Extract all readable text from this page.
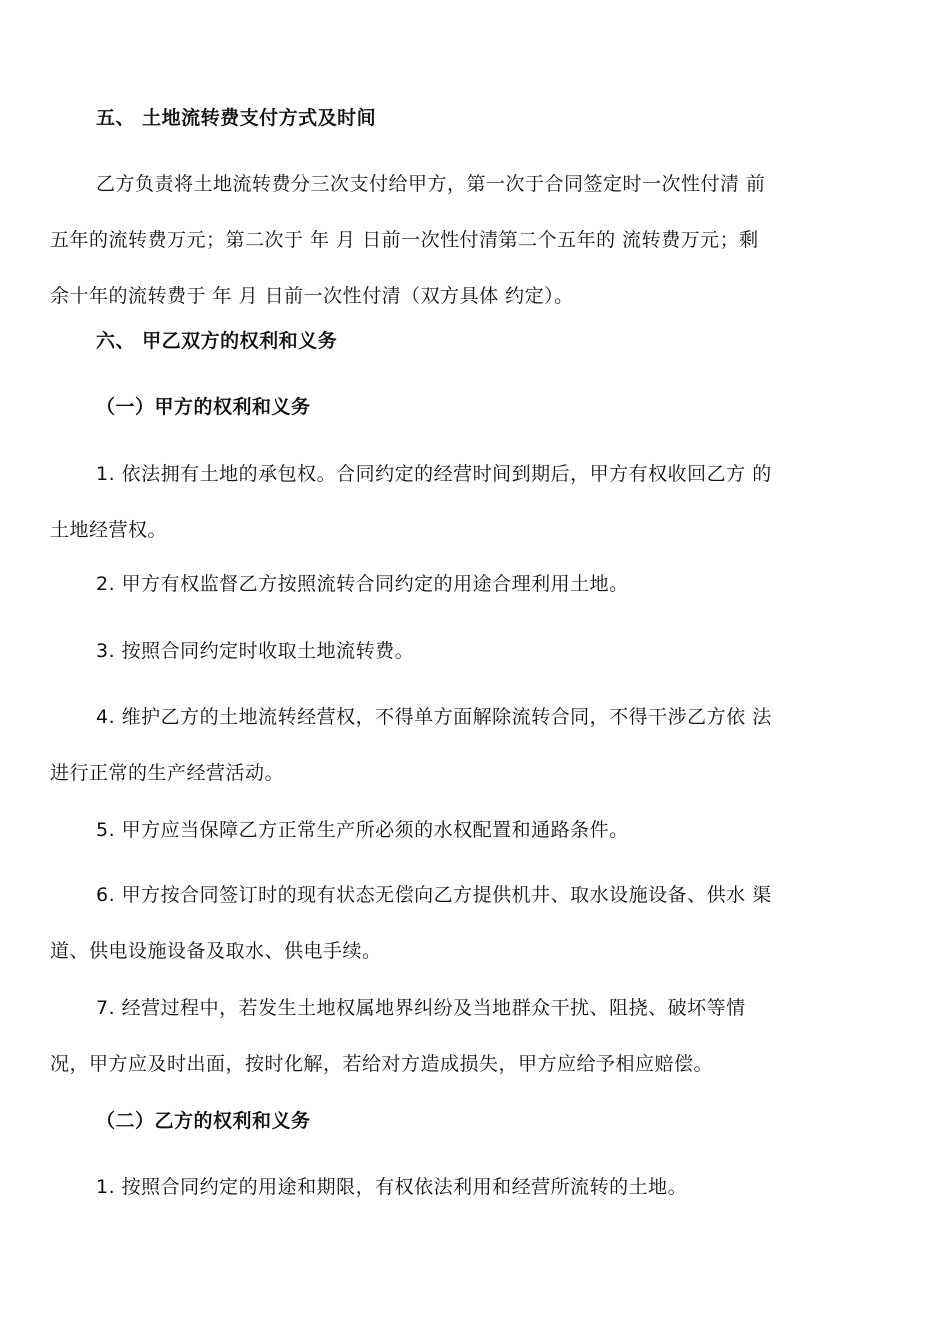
五、 土地流转费支付方式及时间
乙方负责将土地流转费分三次支付给甲方，第一次于合同签定时一次性付清 前
五年的流转费万元；第二次于 年 月 日前一次性付清第二个五年的 流转费万元；剩
余十年的流转费于 年 月 日前一次性付清（双方具体 约定）。
六、 甲乙双方的权利和义务
（一）甲方的权利和义务
1. 依法拥有土地的承包权。合同约定的经营时间到期后，甲方有权收回乙方 的
土地经营权。
2. 甲方有权监督乙方按照流转合同约定的用途合理利用土地。
3. 按照合同约定时收取土地流转费。
4. 维护乙方的土地流转经营权，不得单方面解除流转合同，不得干涉乙方依 法
进行正常的生产经营活动。
5. 甲方应当保障乙方正常生产所必须的水权配置和通路条件。
6. 甲方按合同签订时的现有状态无偿向乙方提供机井、取水设施设备、供水 渠
道、供电设施设备及取水、供电手续。
7. 经营过程中，若发生土地权属地界纠纷及当地群众干扰、阻挠、破坏等情
况，甲方应及时出面，按时化解，若给对方造成损失，甲方应给予相应赔偿。
（二）乙方的权利和义务
1. 按照合同约定的用途和期限，有权依法利用和经营所流转的土地。
